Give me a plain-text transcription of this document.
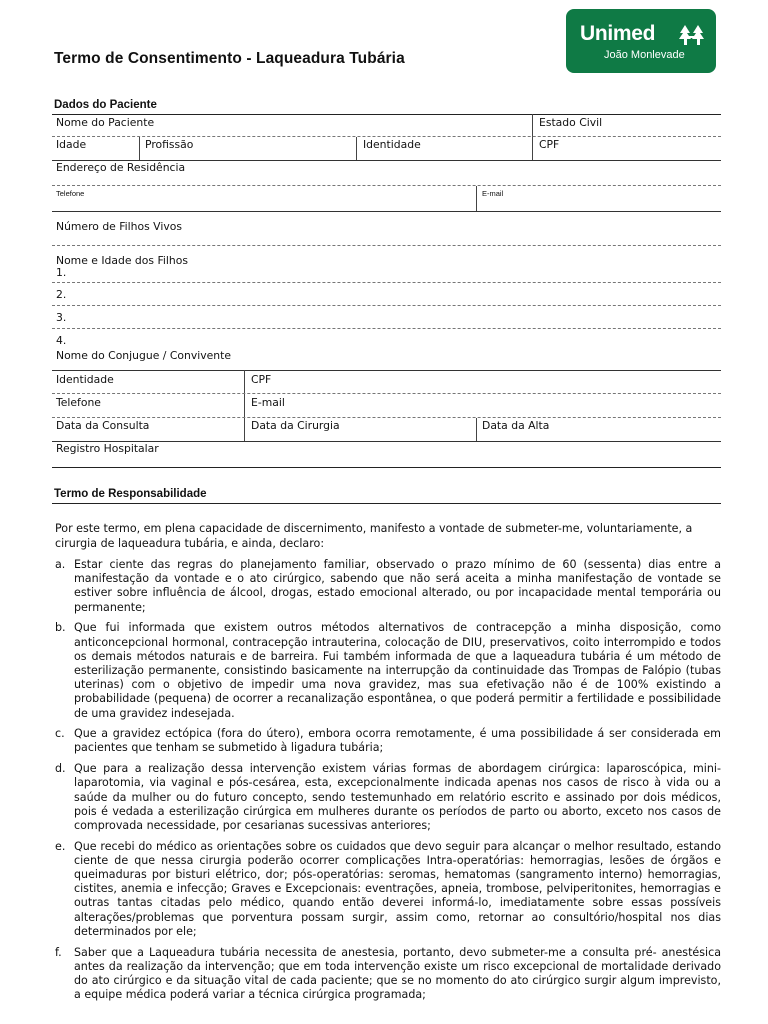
Termo de Consentimento - Laqueadura Tubária
Unimed
João Monlevade
Dados do Paciente
Nome do Paciente	Estado Civil
Idade	Profissão	Identidade	CPF
Endereço de Residência
Telefone	E-mail
Número de Filhos Vivos
Nome e Idade dos Filhos
1.
2.
3.
4.
Nome do Conjugue / Convivente
Identidade	CPF
Telefone	E-mail
Data da Consulta	Data da Cirurgia	Data da Alta
Registro Hospitalar
Termo de Responsabilidade
Por este termo, em plena capacidade de discernimento, manifesto a vontade de submeter-me, voluntariamente, a cirurgia de laqueadura tubária, e ainda, declaro:
a. Estar ciente das regras do planejamento familiar, observado o prazo mínimo de 60 (sessenta) dias entre a manifestação da vontade e o ato cirúrgico, sabendo que não será aceita a minha manifestação de vontade se estiver sobre influência de álcool, drogas, estado emocional alterado, ou por incapacidade mental temporária ou permanente;
b. Que fui informada que existem outros métodos alternativos de contracepção a minha disposição, como anticoncepcional hormonal, contracepção intrauterina, colocação de DIU, preservativos, coito interrompido e todos os demais métodos naturais e de barreira. Fui também informada de que a laqueadura tubária é um método de esterilização permanente, consistindo basicamente na interrupção da continuidade das Trompas de Falópio (tubas uterinas) com o objetivo de impedir uma nova gravidez, mas sua efetivação não é de 100% existindo a probabilidade (pequena) de ocorrer a recanalização espontânea, o que poderá permitir a fertilidade e possibilidade de uma gravidez indesejada.
c. Que a gravidez ectópica (fora do útero), embora ocorra remotamente, é uma possibilidade á ser considerada em pacientes que tenham se submetido à ligadura tubária;
d. Que para a realização dessa intervenção existem várias formas de abordagem cirúrgica: laparoscópica, mini-laparotomia, via vaginal e pós-cesárea, esta, excepcionalmente indicada apenas nos casos de risco à vida ou a saúde da mulher ou do futuro concepto, sendo testemunhado em relatório escrito e assinado por dois médicos, pois é vedada a esterilização cirúrgica em mulheres durante os períodos de parto ou aborto, exceto nos casos de comprovada necessidade, por cesarianas sucessivas anteriores;
e. Que recebi do médico as orientações sobre os cuidados que devo seguir para alcançar o melhor resultado, estando ciente de que nessa cirurgia poderão ocorrer complicações Intra-operatórias: hemorragias, lesões de órgãos e queimaduras por bisturi elétrico, dor; pós-operatórias: seromas, hematomas (sangramento interno) hemorragias, cistites, anemia e infecção; Graves e Excepcionais: eventrações, apneia, trombose, pelviperitonites, hemorragias e outras tantas citadas pelo médico, quando então deverei informá-lo, imediatamente sobre essas possíveis alterações/problemas que porventura possam surgir, assim como, retornar ao consultório/hospital nos dias determinados por ele;
f. Saber que a Laqueadura tubária necessita de anestesia, portanto, devo submeter-me a consulta pré- anestésica antes da realização da intervenção; que em toda intervenção existe um risco excepcional de mortalidade derivado do ato cirúrgico e da situação vital de cada paciente; que se no momento do ato cirúrgico surgir algum imprevisto, a equipe médica poderá variar a técnica cirúrgica programada;
